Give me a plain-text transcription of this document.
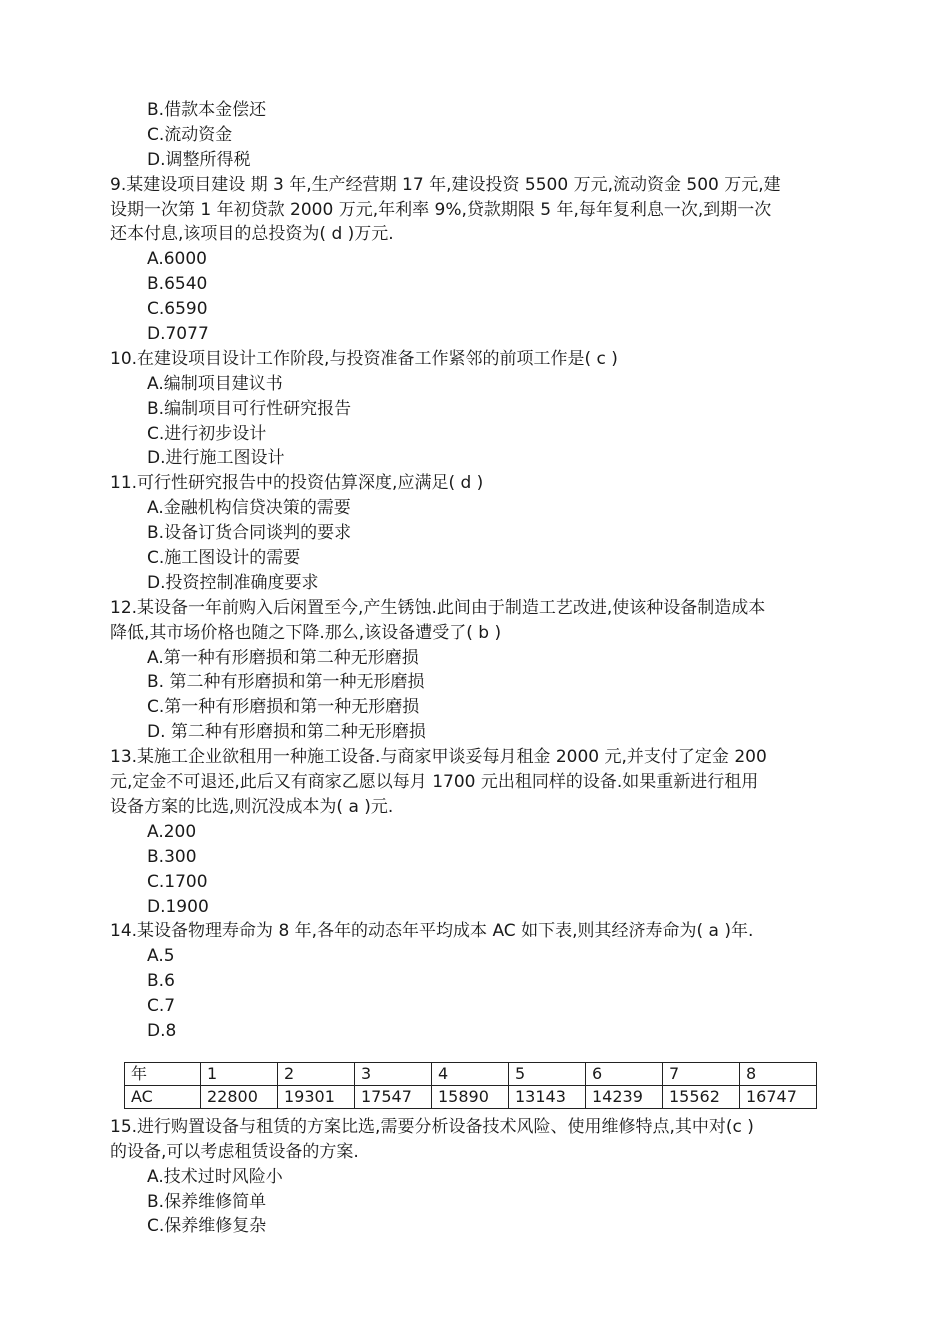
B.借款本金偿还
C.流动资金
D.调整所得税
9.某建设项目建设 期 3 年,生产经营期 17 年,建设投资 5500 万元,流动资金 500 万元,建
设期一次第 1 年初贷款 2000 万元,年利率 9%,贷款期限 5 年,每年复利息一次,到期一次
还本付息,该项目的总投资为( d )万元.
A.6000
B.6540
C.6590
D.7077
10.在建设项目设计工作阶段,与投资准备工作紧邻的前项工作是( c )
A.编制项目建议书
B.编制项目可行性研究报告
C.进行初步设计
D.进行施工图设计
11.可行性研究报告中的投资估算深度,应满足( d )
A.金融机构信贷决策的需要
B.设备订货合同谈判的要求
C.施工图设计的需要
D.投资控制准确度要求
12.某设备一年前购入后闲置至今,产生锈蚀.此间由于制造工艺改进,使该种设备制造成本
降低,其市场价格也随之下降.那么,该设备遭受了( b )
A.第一种有形磨损和第二种无形磨损
B. 第二种有形磨损和第一种无形磨损
C.第一种有形磨损和第一种无形磨损
D. 第二种有形磨损和第二种无形磨损
13.某施工企业欲租用一种施工设备.与商家甲谈妥每月租金 2000 元,并支付了定金 200
元,定金不可退还,此后又有商家乙愿以每月 1700 元出租同样的设备.如果重新进行租用
设备方案的比选,则沉没成本为( a )元.
A.200
B.300
C.1700
D.1900
14.某设备物理寿命为 8 年,各年的动态年平均成本 AC 如下表,则其经济寿命为( a )年.
A.5
B.6
C.7
D.8
年	1	2	3	4	5	6	7	8
AC	22800	19301	17547	15890	13143	14239	15562	16747
15.进行购置设备与租赁的方案比选,需要分析设备技术风险、使用维修特点,其中对(c )
的设备,可以考虑租赁设备的方案.
A.技术过时风险小
B.保养维修简单
C.保养维修复杂
